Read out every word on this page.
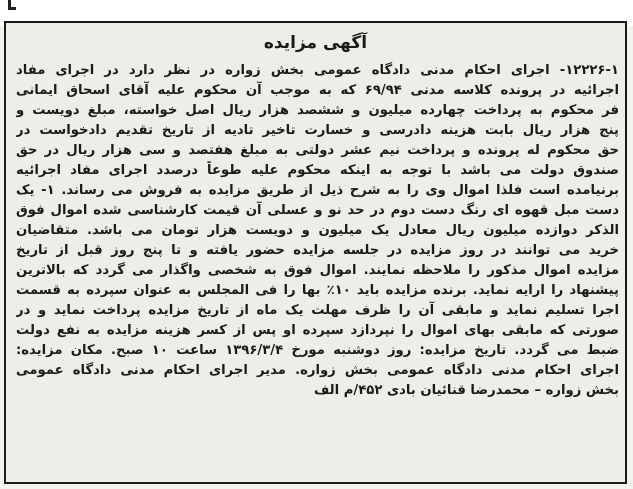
آگهی مزایده

۱۲۲۲۶-۱- اجرای احکام مدنی دادگاه عمومی بخش زواره در نظر دارد در اجرای مفاد
اجرائیه در پرونده کلاسه مدنی ۶۹/۹۴ که به موجب آن محکوم علیه آقای اسحاق ایمانی
فر محکوم به پرداخت چهارده میلیون و ششصد هزار ریال اصل خواسته، مبلغ دویست و
پنج هزار ریال بابت هزینه دادرسی و خسارت تاخیر تادیه از تاریخ تقدیم دادخواست در
حق محکوم له پرونده و پرداخت نیم عشر دولتی به مبلغ هفتصد و سی هزار ریال در حق
صندوق دولت می باشد با توجه به اینکه محکوم علیه طوعاً درصدد اجرای مفاد اجرائیه
برنیامده است فلذا اموال وی را به شرح ذیل از طریق مزایده به فروش می رساند. ۱- یک
دست مبل قهوه ای رنگ دست دوم در حد نو و عسلی آن قیمت کارشناسی شده اموال فوق
الذکر دوازده میلیون ریال معادل یک میلیون و دویست هزار تومان می باشد. متقاضیان
خرید می توانند در روز مزایده در جلسه مزایده حضور یافته و تا پنج روز قبل از تاریخ
مزایده اموال مذکور را ملاحظه نمایند. اموال فوق به شخصی واگذار می گردد که بالاترین
پیشنهاد را ارایه نماید. برنده مزایده باید ۱۰٪ بها را فی المجلس به عنوان سپرده به قسمت
اجرا تسلیم نماید و مابقی آن را ظرف مهلت یک ماه از تاریخ مزایده پرداخت نماید و در
صورتی که مابقی بهای اموال را نپردازد سپرده او پس از کسر هزینه مزایده به نفع دولت
ضبط می گردد. تاریخ مزایده: روز دوشنبه مورخ ۱۳۹۶/۳/۴ ساعت ۱۰ صبح. مکان مزایده:
اجرای احکام مدنی دادگاه عمومی بخش زواره. مدیر اجرای احکام مدنی دادگاه عمومی
بخش زواره – محمدرضا قنائیان بادی ۴۵۲/م الف
